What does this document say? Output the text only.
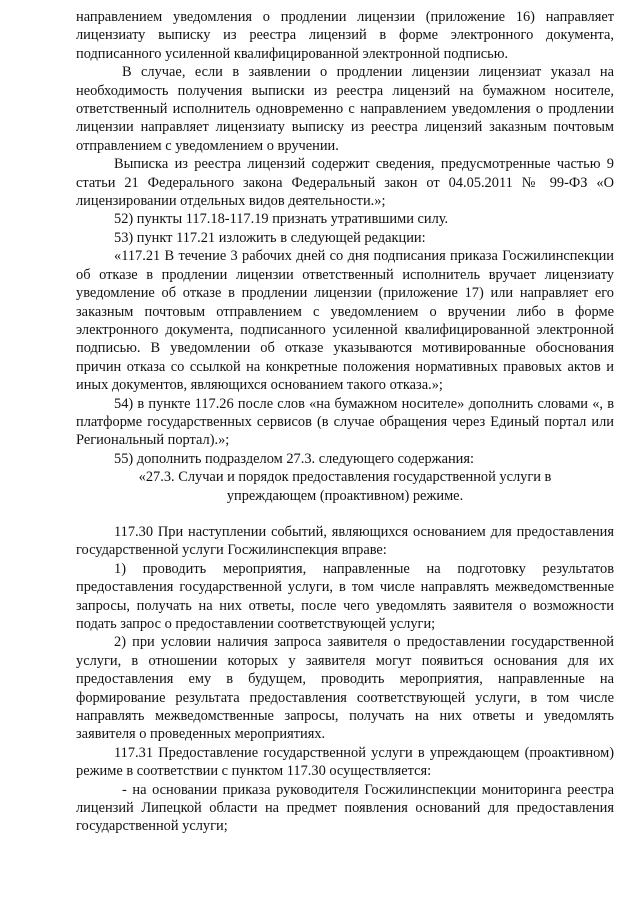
направлением уведомления о продлении лицензии (приложение 16) направляет лицензиату выписку из реестра лицензий в форме электронного документа, подписанного усиленной квалифицированной электронной подписью.

В случае, если в заявлении о продлении лицензии лицензиат указал на необходимость получения выписки из реестра лицензий на бумажном носителе, ответственный исполнитель одновременно с направлением уведомления о продлении лицензии направляет лицензиату выписку из реестра лицензий заказным почтовым отправлением с уведомлением о вручении.

Выписка из реестра лицензий содержит сведения, предусмотренные частью 9 статьи 21 Федерального закона Федеральный закон от 04.05.2011 № 99-ФЗ «О лицензировании отдельных видов деятельности.»;

52) пункты 117.18-117.19 признать утратившими силу.

53) пункт 117.21 изложить в следующей редакции:

«117.21 В течение 3 рабочих дней со дня подписания приказа Госжилинспекции об отказе в продлении лицензии ответственный исполнитель вручает лицензиату уведомление об отказе в продлении лицензии (приложение 17) или направляет его заказным почтовым отправлением с уведомлением о вручении либо в форме электронного документа, подписанного усиленной квалифицированной электронной подписью. В уведомлении об отказе указываются мотивированные обоснования причин отказа со ссылкой на конкретные положения нормативных правовых актов и иных документов, являющихся основанием такого отказа.»;

54) в пункте 117.26 после слов «на бумажном носителе» дополнить словами «, в платформе государственных сервисов (в случае обращения через Единый портал или Региональный портал).»;

55) дополнить подразделом 27.3. следующего содержания:

«27.3. Случаи и порядок предоставления государственной услуги в

упреждающем (проактивном) режиме.

117.30 При наступлении событий, являющихся основанием для предоставления государственной услуги Госжилинспекция вправе:

1) проводить мероприятия, направленные на подготовку результатов предоставления государственной услуги, в том числе направлять межведомственные запросы, получать на них ответы, после чего уведомлять заявителя о возможности подать запрос о предоставлении соответствующей услуги;

2) при условии наличия запроса заявителя о предоставлении государственной услуги, в отношении которых у заявителя могут появиться основания для их предоставления ему в будущем, проводить мероприятия, направленные на формирование результата предоставления соответствующей услуги, в том числе направлять межведомственные запросы, получать на них ответы и уведомлять заявителя о проведенных мероприятиях.

117.31 Предоставление государственной услуги в упреждающем (проактивном) режиме в соответствии с пунктом 117.30 осуществляется:

- на основании приказа руководителя Госжилинспекции мониторинга реестра лицензий Липецкой области на предмет появления оснований для предоставления государственной услуги;
